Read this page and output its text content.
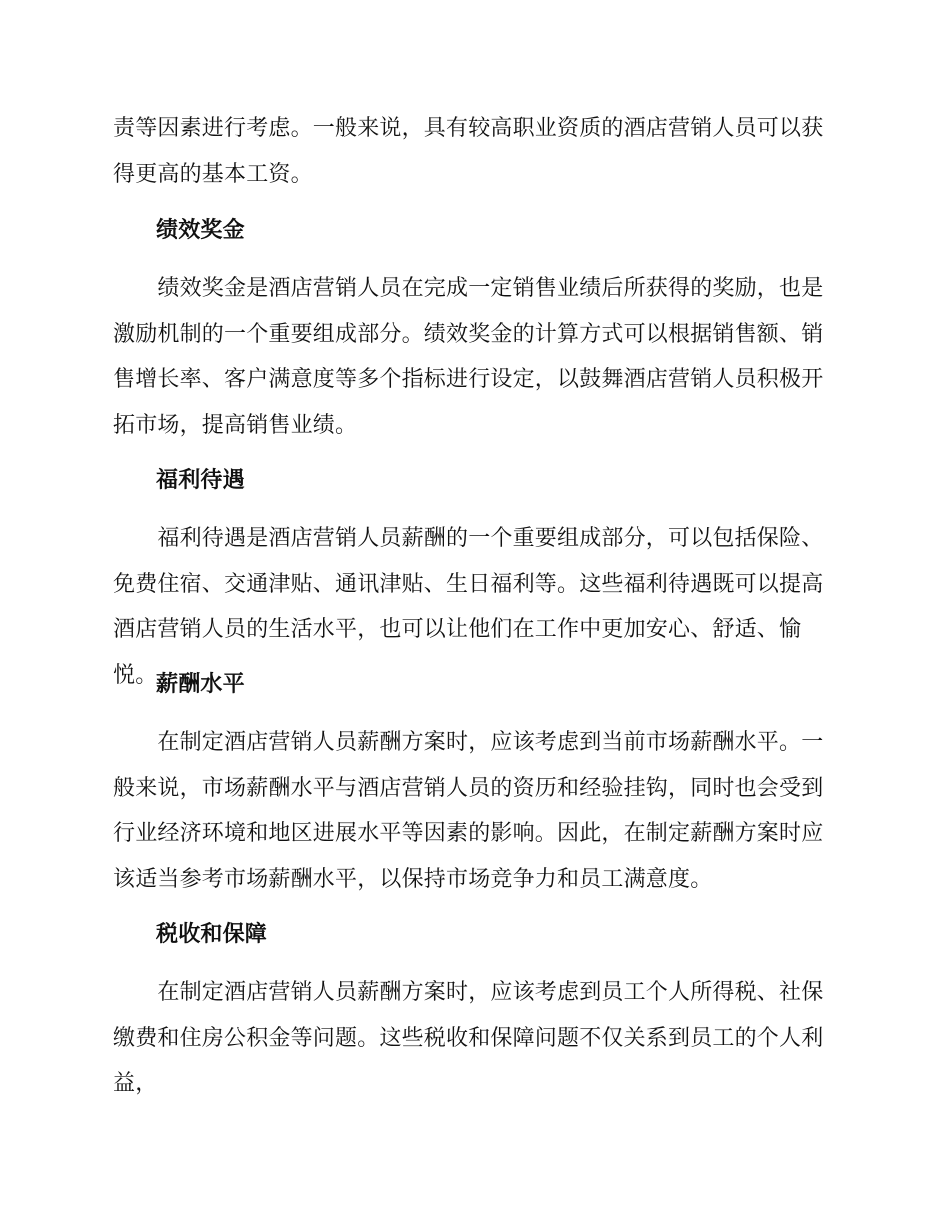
责等因素进行考虑。一般来说，具有较高职业资质的酒店营销人员可以获得更高的基本工资。

绩效奖金

　　绩效奖金是酒店营销人员在完成一定销售业绩后所获得的奖励，也是激励机制的一个重要组成部分。绩效奖金的计算方式可以根据销售额、销售增长率、客户满意度等多个指标进行设定，以鼓舞酒店营销人员积极开拓市场，提高销售业绩。

福利待遇

　　福利待遇是酒店营销人员薪酬的一个重要组成部分，可以包括保险、免费住宿、交通津贴、通讯津贴、生日福利等。这些福利待遇既可以提高酒店营销人员的生活水平，也可以让他们在工作中更加安心、舒适、愉悦。

薪酬水平

　　在制定酒店营销人员薪酬方案时，应该考虑到当前市场薪酬水平。一般来说，市场薪酬水平与酒店营销人员的资历和经验挂钩，同时也会受到行业经济环境和地区进展水平等因素的影响。因此，在制定薪酬方案时应该适当参考市场薪酬水平，以保持市场竞争力和员工满意度。

税收和保障

　　在制定酒店营销人员薪酬方案时，应该考虑到员工个人所得税、社保缴费和住房公积金等问题。这些税收和保障问题不仅关系到员工的个人利益，
